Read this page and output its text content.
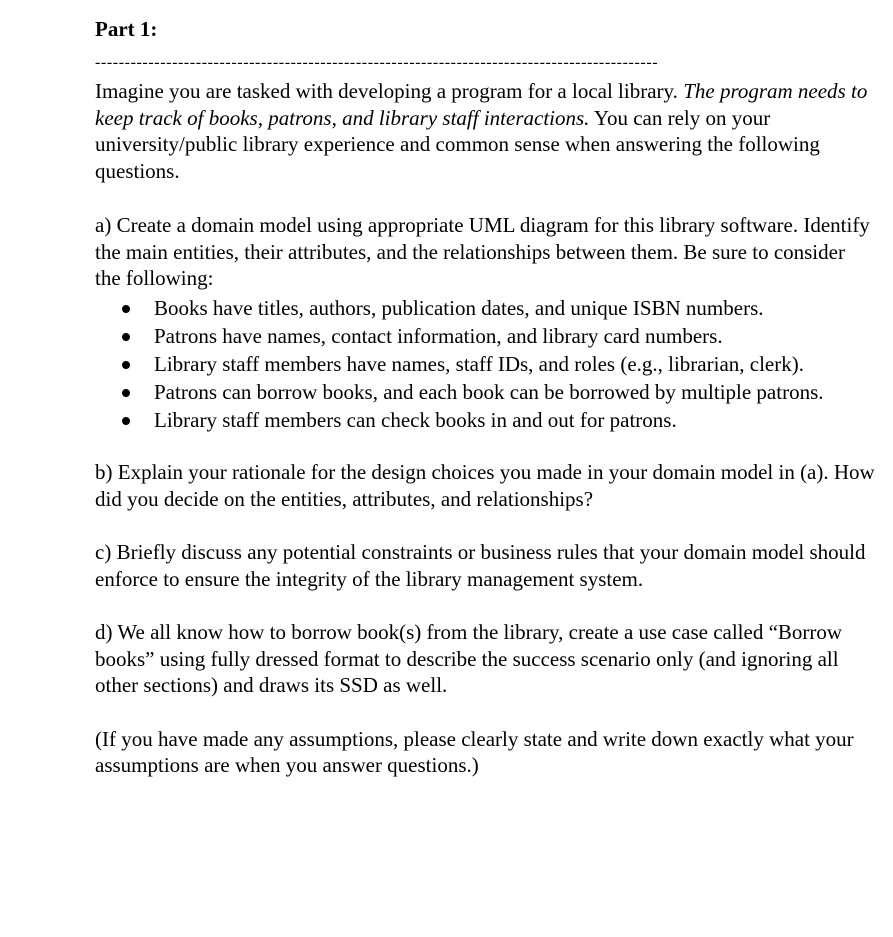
Part 1:
-----------------------------------------------------------------------------------------------

Imagine you are tasked with developing a program for a local library. The program needs to keep track of books, patrons, and library staff interactions. You can rely on your university/public library experience and common sense when answering the following questions.

a) Create a domain model using appropriate UML diagram for this library software. Identify the main entities, their attributes, and the relationships between them. Be sure to consider the following:

Books have titles, authors, publication dates, and unique ISBN numbers.
Patrons have names, contact information, and library card numbers.
Library staff members have names, staff IDs, and roles (e.g., librarian, clerk).
Patrons can borrow books, and each book can be borrowed by multiple patrons.
Library staff members can check books in and out for patrons.

b) Explain your rationale for the design choices you made in your domain model in (a). How did you decide on the entities, attributes, and relationships?

c) Briefly discuss any potential constraints or business rules that your domain model should enforce to ensure the integrity of the library management system.

d) We all know how to borrow book(s) from the library, create a use case called “Borrow books” using fully dressed format to describe the success scenario only (and ignoring all other sections) and draws its SSD as well.

(If you have made any assumptions, please clearly state and write down exactly what your assumptions are when you answer questions.)
